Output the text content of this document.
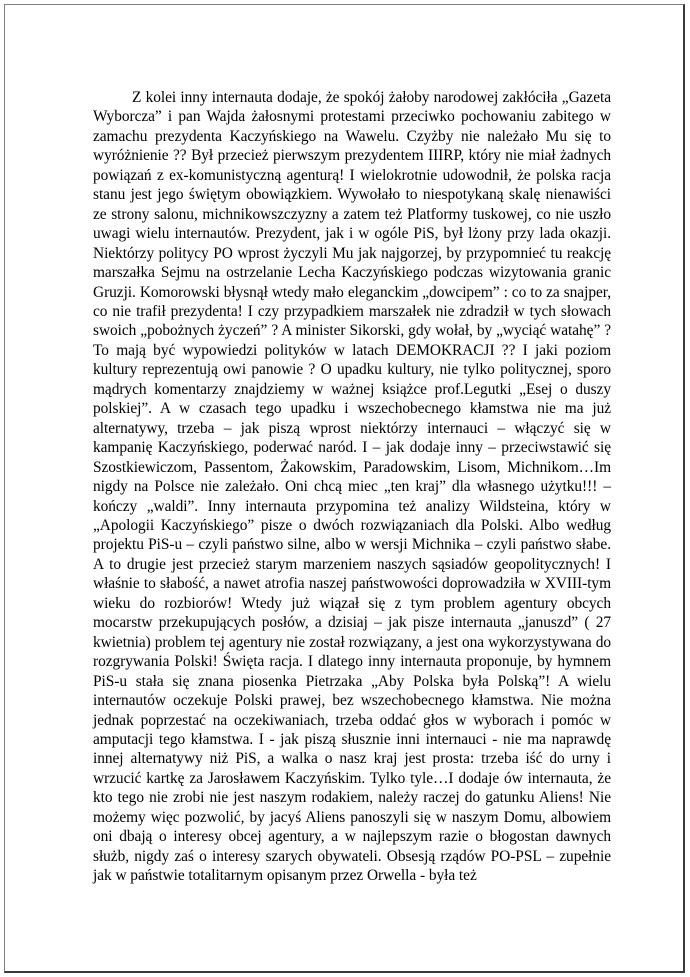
Z kolei inny internauta dodaje, że spokój żałoby narodowej zakłóciła „Gazeta Wyborcza” i pan Wajda żałosnymi protestami przeciwko pochowaniu zabitego w zamachu prezydenta Kaczyńskiego na Wawelu. Czyżby nie należało Mu się to wyróżnienie ?? Był przecież pierwszym prezydentem IIIRP, który nie miał żadnych powiązań z ex-komunistyczną agenturą! I wielokrotnie udowodnił, że polska racja stanu jest jego świętym obowiązkiem. Wywołało to niespotykaną skalę nienawiści ze strony salonu, michnikowszczyzny a zatem też Platformy tuskowej, co nie uszło uwagi wielu internautów. Prezydent, jak i w ogóle PiS, był lżony przy lada okazji. Niektórzy politycy PO wprost życzyli Mu jak najgorzej, by przypomnieć tu reakcję marszałka Sejmu na ostrzelanie Lecha Kaczyńskiego podczas wizytowania granic Gruzji. Komorowski błysnął wtedy mało eleganckim „dowcipem” : co to za snajper, co nie trafił prezydenta! I czy przypadkiem marszałek nie zdradził w tych słowach swoich „pobożnych życzeń” ? A minister Sikorski, gdy wołał, by „wyciąć watahę” ? To mają być wypowiedzi polityków w latach DEMOKRACJI ?? I jaki poziom kultury reprezentują owi panowie ? O upadku kultury, nie tylko politycznej, sporo mądrych komentarzy znajdziemy w ważnej książce prof.Legutki „Esej o duszy polskiej”. A w czasach tego upadku i wszechobecnego kłamstwa nie ma już alternatywy, trzeba – jak piszą wprost niektórzy internauci – włączyć się w kampanię Kaczyńskiego, poderwać naród. I – jak dodaje inny – przeciwstawić się Szostkiewiczom, Passentom, Żakowskim, Paradowskim, Lisom, Michnikom…Im nigdy na Polsce nie zależało. Oni chcą miec „ten kraj” dla własnego użytku!!! – kończy „waldi”. Inny internauta przypomina też analizy Wildsteina, który w „Apologii Kaczyńskiego” pisze o dwóch rozwiązaniach dla Polski. Albo według projektu PiS-u – czyli państwo silne, albo w wersji Michnika – czyli państwo słabe. A to drugie jest przecież starym marzeniem naszych sąsiadów geopolitycznych! I właśnie to słabość, a nawet atrofia naszej państwowości doprowadziła w XVIII-tym wieku do rozbiorów! Wtedy już wiązał się z tym problem agentury obcych mocarstw przekupujących posłów, a dzisiaj – jak pisze internauta „januszd” ( 27 kwietnia) problem tej agentury nie został rozwiązany, a jest ona wykorzystywana do rozgrywania Polski! Święta racja. I dlatego inny internauta proponuje, by hymnem PiS-u stała się znana piosenka Pietrzaka „Aby Polska była Polską”! A wielu internautów oczekuje Polski prawej, bez wszechobecnego kłamstwa. Nie można jednak poprzestać na oczekiwaniach, trzeba oddać głos w wyborach i pomóc w amputacji tego kłamstwa. I - jak piszą słusznie inni internauci - nie ma naprawdę innej alternatywy niż PiS, a walka o nasz kraj jest prosta: trzeba iść do urny i wrzucić kartkę za Jarosławem Kaczyńskim. Tylko tyle…I dodaje ów internauta, że kto tego nie zrobi nie jest naszym rodakiem, należy raczej do gatunku Aliens! Nie możemy więc pozwolić, by jacyś Aliens panoszyli się w naszym Domu, albowiem oni dbają o interesy obcej agentury, a w najlepszym razie o błogostan dawnych służb, nigdy zaś o interesy szarych obywateli. Obsesją rządów PO-PSL – zupełnie jak w państwie totalitarnym opisanym przez Orwella - była też
